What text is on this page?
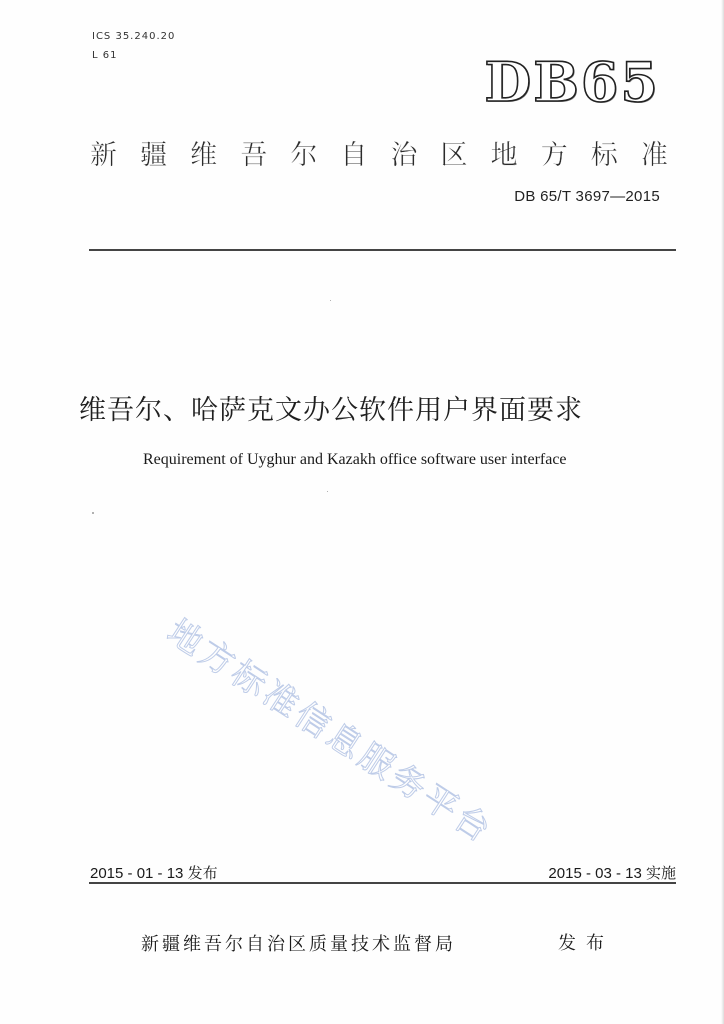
ICS 35.240.20
L 61	DB65
新 疆 维 吾 尔 自 治 区 地 方 标 准
DB 65/T 3697—2015
维吾尔、哈萨克文办公软件用户界面要求
Requirement of Uyghur and Kazakh office software user interface
地方标准信息服务平台
2015 - 01 - 13 发布	2015 - 03 - 13 实施
新疆维吾尔自治区质量技术监督局	发布
